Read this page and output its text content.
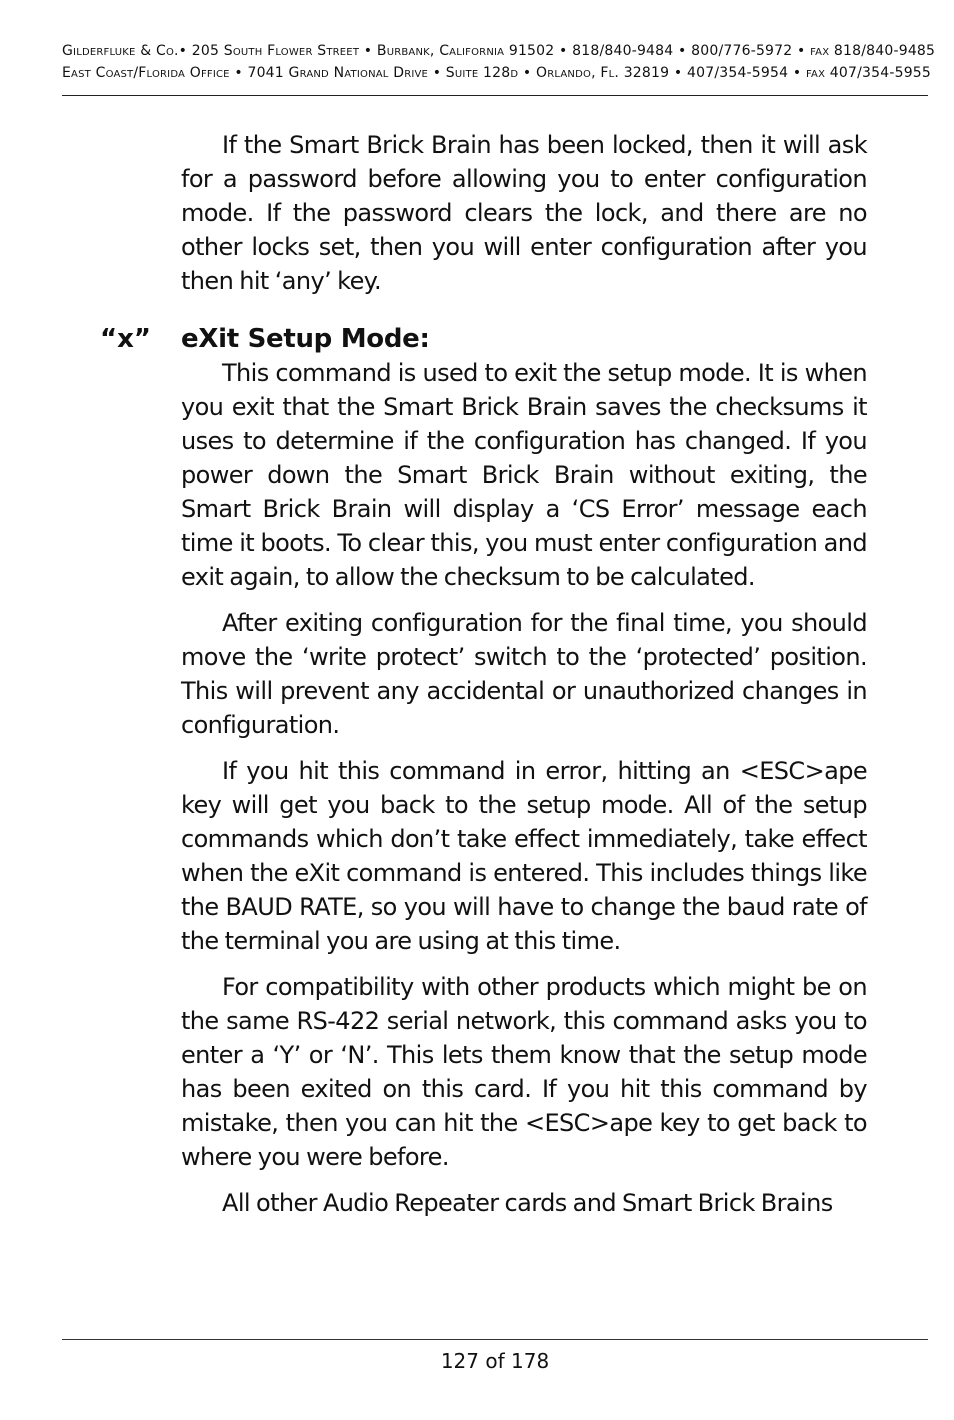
Gilderfluke & Co.• 205 South Flower Street • Burbank, California 91502 • 818/840-9484 • 800/776-5972 • fax 818/840-9485
East Coast/Florida Office • 7041 Grand National Drive • Suite 128d • Orlando, Fl. 32819 • 407/354-5954 • fax 407/354-5955

If the Smart Brick Brain has been locked, then it will ask for a password before allowing you to enter configuration mode. If the password clears the lock, and there are no other locks set, then you will enter configuration after you then hit ‘any’ key.

“x” eXit Setup Mode:

This command is used to exit the setup mode. It is when you exit that the Smart Brick Brain saves the checksums it uses to determine if the configuration has changed. If you power down the Smart Brick Brain without exiting, the Smart Brick Brain will display a ‘CS Error’ message each time it boots. To clear this, you must enter configuration and exit again, to allow the checksum to be calculated.

After exiting configuration for the final time, you should move the ‘write protect’ switch to the ‘protected’ position. This will prevent any accidental or unauthorized changes in configuration.

If you hit this command in error, hitting an <ESC>ape key will get you back to the setup mode. All of the setup commands which don’t take effect immediately, take effect when the eXit command is entered. This includes things like the BAUD RATE, so you will have to change the baud rate of the terminal you are using at this time.

For compatibility with other products which might be on the same RS-422 serial network, this command asks you to enter a ‘Y’ or ‘N’. This lets them know that the setup mode has been exited on this card. If you hit this command by mistake, then you can hit the <ESC>ape key to get back to where you were before.

All other Audio Repeater cards and Smart Brick Brains

127 of 178
